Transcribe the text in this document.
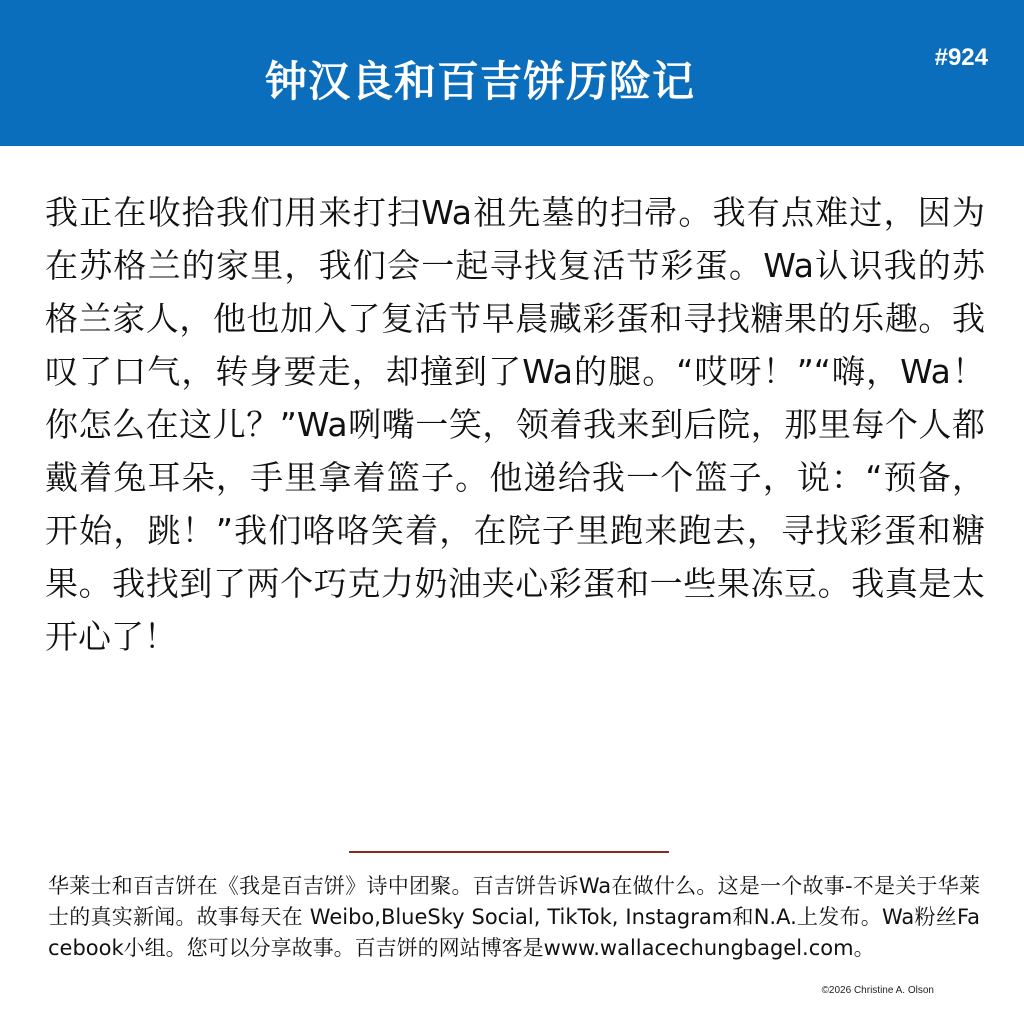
钟汉良和百吉饼历险记	#924

我正在收拾我们用来打扫Wa祖先墓的扫帚。我有点难过，因为在苏格兰的家里，我们会一起寻找复活节彩蛋。Wa认识我的苏格兰家人，他也加入了复活节早晨藏彩蛋和寻找糖果的乐趣。我叹了口气，转身要走，却撞到了Wa的腿。“哎呀！”“嗨，Wa！你怎么在这儿？”Wa咧嘴一笑，领着我来到后院，那里每个人都戴着兔耳朵，手里拿着篮子。他递给我一个篮子，说：“预备，开始，跳！”我们咯咯笑着，在院子里跑来跑去，寻找彩蛋和糖果。我找到了两个巧克力奶油夹心彩蛋和一些果冻豆。我真是太开心了！

华莱士和百吉饼在《我是百吉饼》诗中团聚。百吉饼告诉Wa在做什么。这是一个故事-不是关于华莱士的真实新闻。故事每天在 Weibo,BlueSky Social, TikTok, Instagram和N.A.上发布。Wa粉丝Facebook小组。您可以分享故事。百吉饼的网站博客是www.wallacechungbagel.com。

©2026 Christine A. Olson
